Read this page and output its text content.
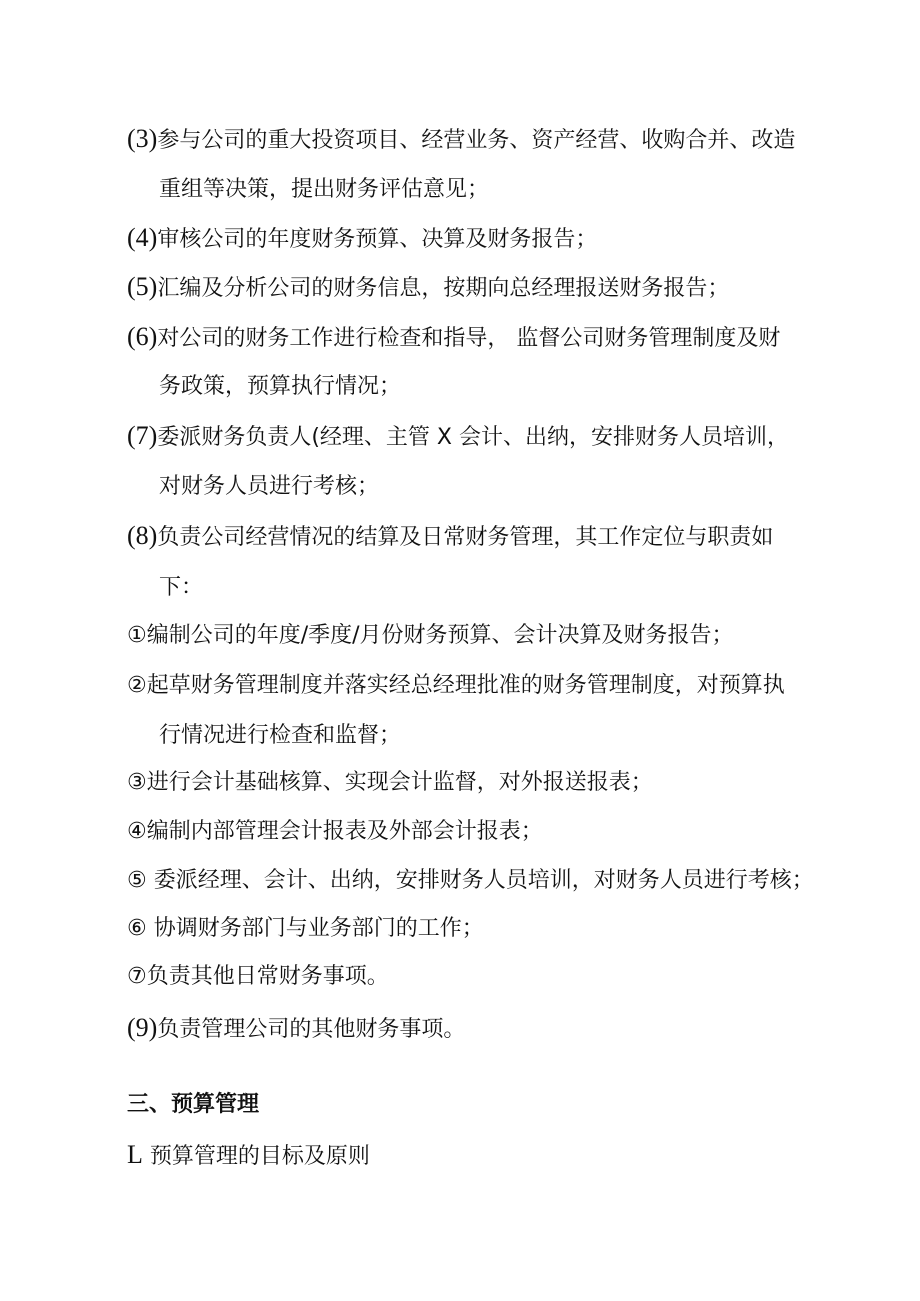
(3)参与公司的重大投资项目、经营业务、资产经营、收购合并、改造
重组等决策，提出财务评估意见；
(4)审核公司的年度财务预算、决算及财务报告；
(5)汇编及分析公司的财务信息，按期向总经理报送财务报告；
(6)对公司的财务工作进行检查和指导， 监督公司财务管理制度及财
务政策，预算执行情况；
(7)委派财务负责人(经理、主管 X 会计、出纳，安排财务人员培训，
对财务人员进行考核；
(8)负责公司经营情况的结算及日常财务管理，其工作定位与职责如
下：
①编制公司的年度/季度/月份财务预算、会计决算及财务报告；
②起草财务管理制度并落实经总经理批准的财务管理制度，对预算执
行情况进行检查和监督；
③进行会计基础核算、实现会计监督，对外报送报表；
④编制内部管理会计报表及外部会计报表；
⑤ 委派经理、会计、出纳，安排财务人员培训，对财务人员进行考核；
⑥ 协调财务部门与业务部门的工作；
⑦负责其他日常财务事项。
(9)负责管理公司的其他财务事项。
三、预算管理
L 预算管理的目标及原则
